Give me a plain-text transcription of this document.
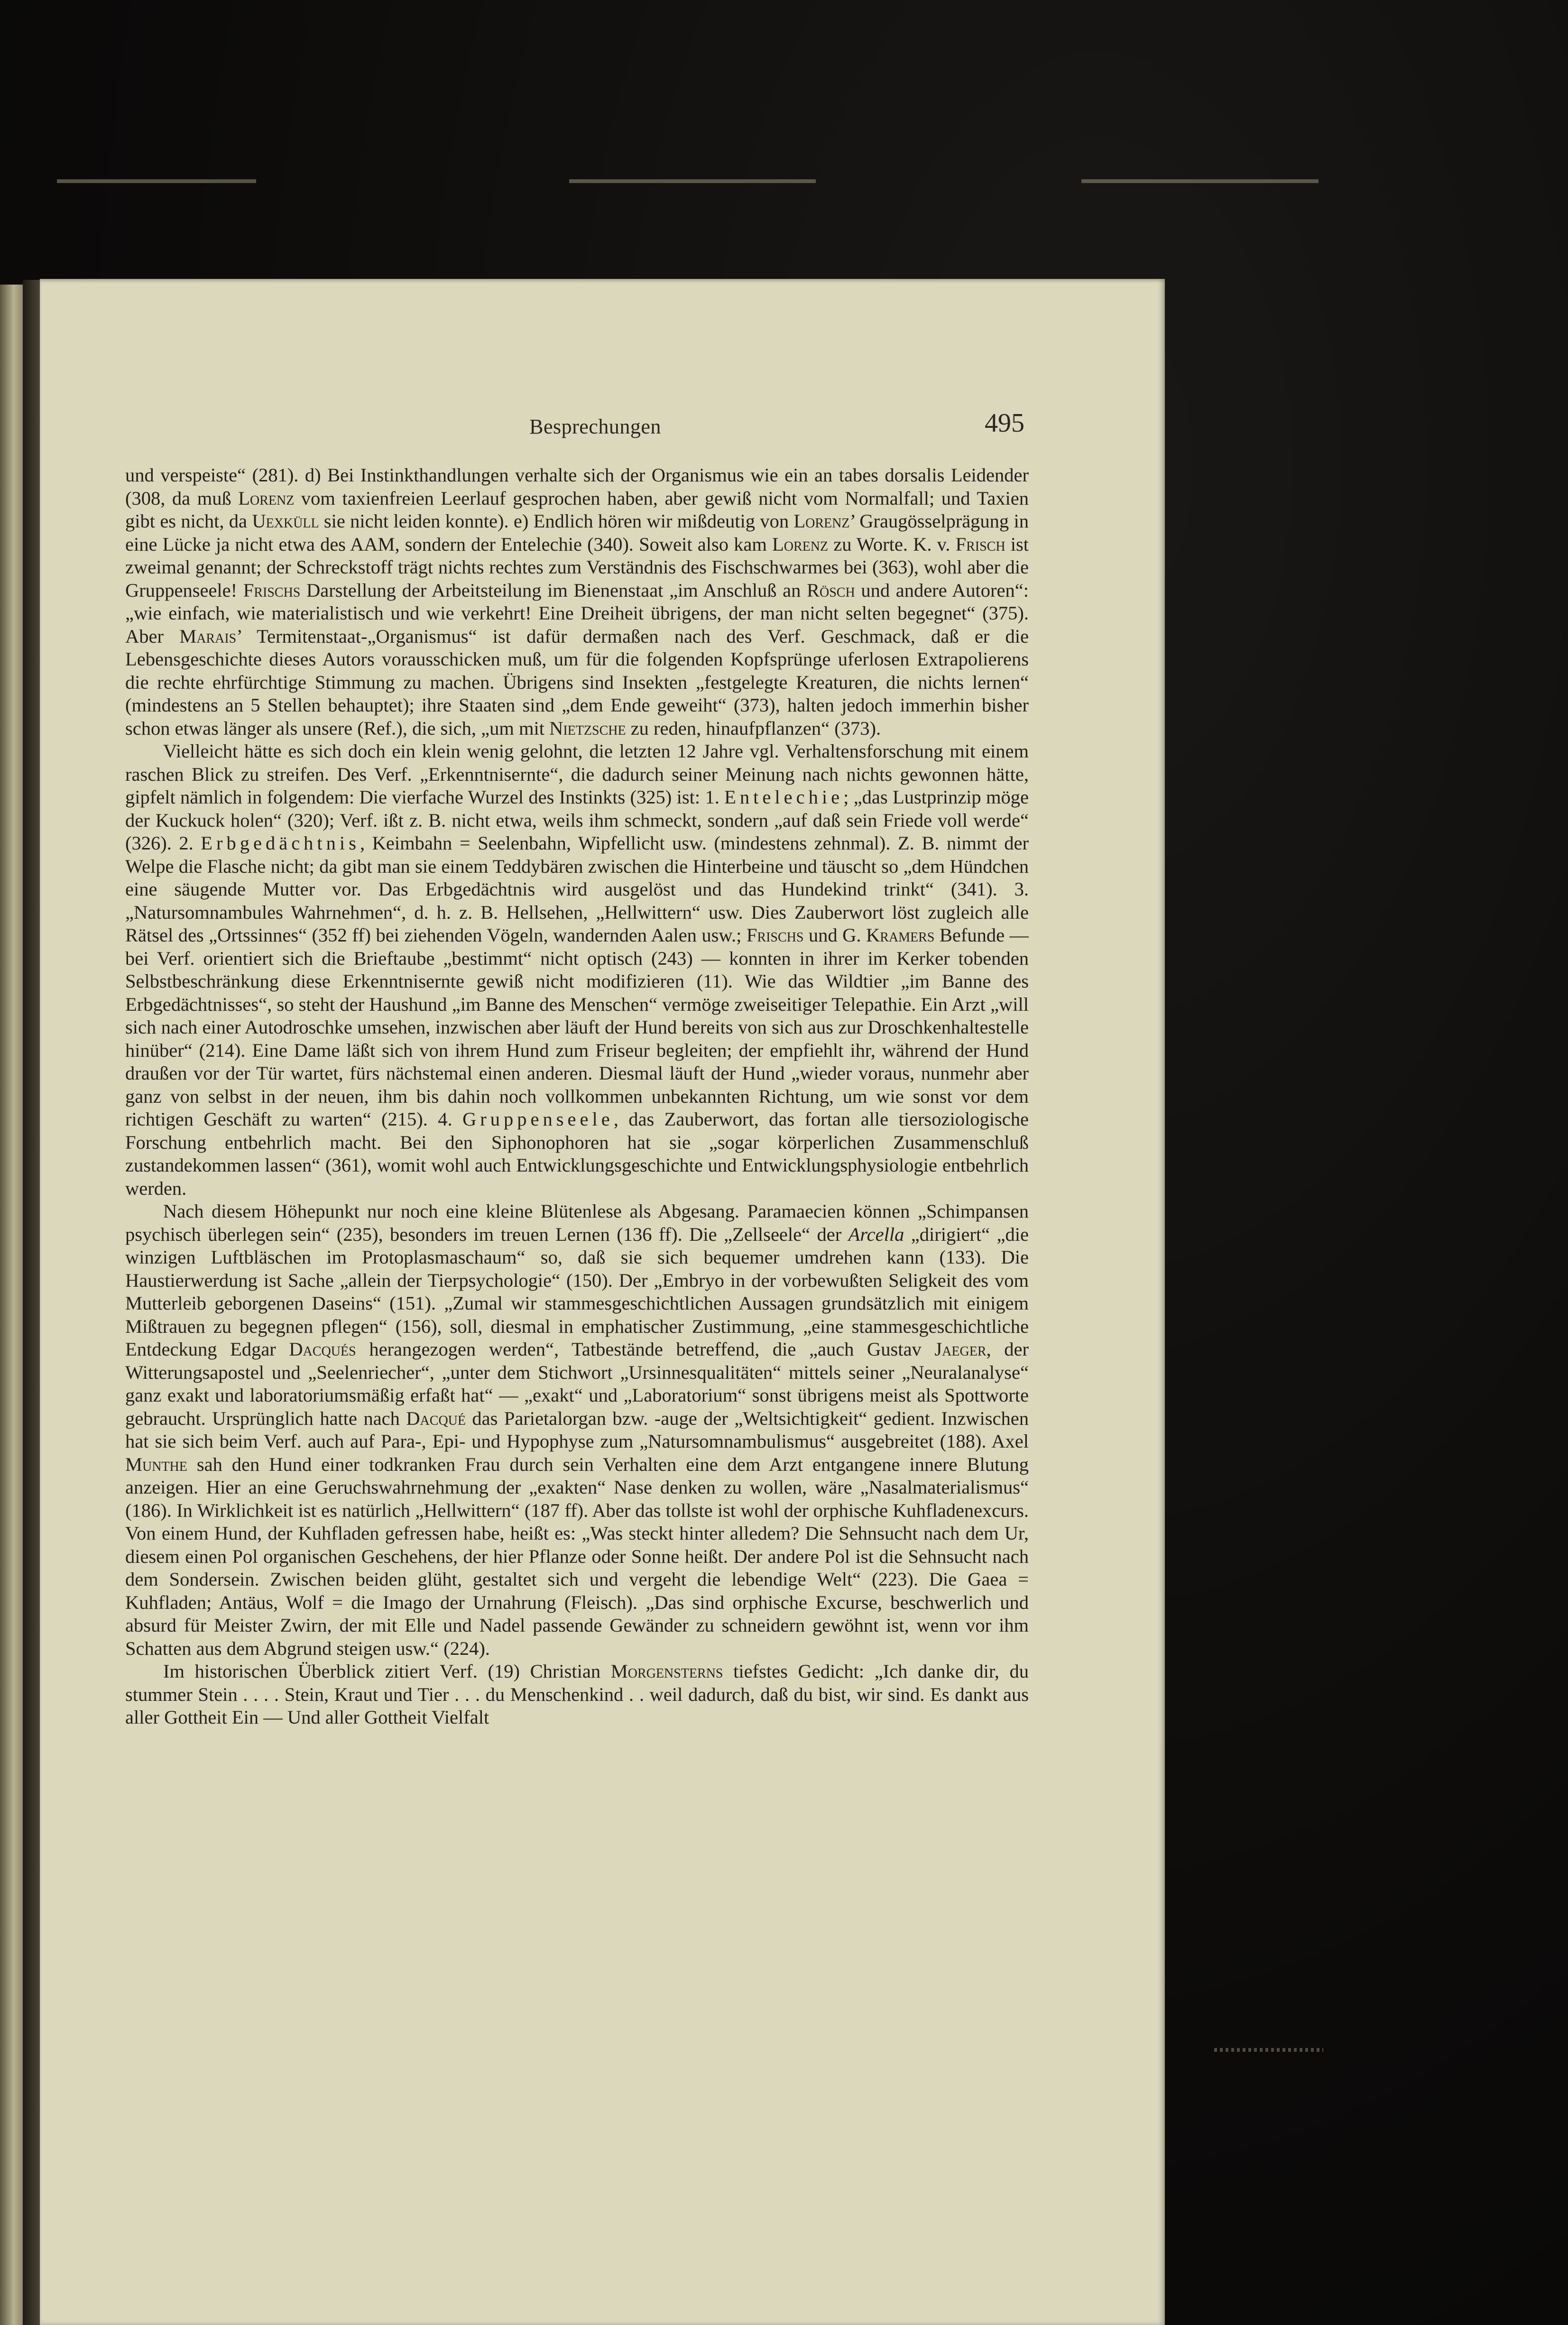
Besprechungen	495

und verspeiste“ (281). d) Bei Instinkthandlungen verhalte sich der Organismus wie ein an tabes dorsalis Leidender (308, da muß Lorenz vom taxienfreien Leerlauf gesprochen haben, aber gewiß nicht vom Normalfall; und Taxien gibt es nicht, da Uexküll sie nicht leiden konnte). e) Endlich hören wir mißdeutig von Lorenz’ Graugösselprägung in eine Lücke ja nicht etwa des AAM, sondern der Entelechie (340). Soweit also kam Lorenz zu Worte. K. v. Frisch ist zweimal genannt; der Schreckstoff trägt nichts rechtes zum Verständnis des Fischschwarmes bei (363), wohl aber die Gruppenseele! Frischs Darstellung der Arbeitsteilung im Bienenstaat „im Anschluß an Rösch und andere Autoren“: „wie einfach, wie materialistisch und wie verkehrt! Eine Dreiheit übrigens, der man nicht selten begegnet“ (375). Aber Marais’ Termitenstaat-„Organismus“ ist dafür dermaßen nach des Verf. Geschmack, daß er die Lebensgeschichte dieses Autors vorausschicken muß, um für die folgenden Kopfsprünge uferlosen Extrapolierens die rechte ehrfürchtige Stimmung zu machen. Übrigens sind Insekten „festgelegte Kreaturen, die nichts lernen“ (mindestens an 5 Stellen behauptet); ihre Staaten sind „dem Ende geweiht“ (373), halten jedoch immerhin bisher schon etwas länger als unsere (Ref.), die sich, „um mit Nietzsche zu reden, hinaufpflanzen“ (373).

Vielleicht hätte es sich doch ein klein wenig gelohnt, die letzten 12 Jahre vgl. Verhaltensforschung mit einem raschen Blick zu streifen. Des Verf. „Erkenntnisernte“, die dadurch seiner Meinung nach nichts gewonnen hätte, gipfelt nämlich in folgendem: Die vierfache Wurzel des Instinkts (325) ist: 1. Entelechie; „das Lustprinzip möge der Kuckuck holen“ (320); Verf. ißt z. B. nicht etwa, weils ihm schmeckt, sondern „auf daß sein Friede voll werde“ (326). 2. Erbgedächtnis, Keimbahn = Seelenbahn, Wipfellicht usw. (mindestens zehnmal). Z. B. nimmt der Welpe die Flasche nicht; da gibt man sie einem Teddybären zwischen die Hinterbeine und täuscht so „dem Hündchen eine säugende Mutter vor. Das Erbgedächtnis wird ausgelöst und das Hundekind trinkt“ (341). 3. „Natursomnambules Wahrnehmen“, d. h. z. B. Hellsehen, „Hellwittern“ usw. Dies Zauberwort löst zugleich alle Rätsel des „Ortssinnes“ (352 ff) bei ziehenden Vögeln, wandernden Aalen usw.; Frischs und G. Kramers Befunde — bei Verf. orientiert sich die Brieftaube „bestimmt“ nicht optisch (243) — konnten in ihrer im Kerker tobenden Selbstbeschränkung diese Erkenntnisernte gewiß nicht modifizieren (11). Wie das Wildtier „im Banne des Erbgedächtnisses“, so steht der Haushund „im Banne des Menschen“ vermöge zweiseitiger Telepathie. Ein Arzt „will sich nach einer Autodroschke umsehen, inzwischen aber läuft der Hund bereits von sich aus zur Droschkenhaltestelle hinüber“ (214). Eine Dame läßt sich von ihrem Hund zum Friseur begleiten; der empfiehlt ihr, während der Hund draußen vor der Tür wartet, fürs nächstemal einen anderen. Diesmal läuft der Hund „wieder voraus, nunmehr aber ganz von selbst in der neuen, ihm bis dahin noch vollkommen unbekannten Richtung, um wie sonst vor dem richtigen Geschäft zu warten“ (215). 4. Gruppenseele, das Zauberwort, das fortan alle tiersoziologische Forschung entbehrlich macht. Bei den Siphonophoren hat sie „sogar körperlichen Zusammenschluß zustandekommen lassen“ (361), womit wohl auch Entwicklungsgeschichte und Entwicklungsphysiologie entbehrlich werden.

Nach diesem Höhepunkt nur noch eine kleine Blütenlese als Abgesang. Paramaecien können „Schimpansen psychisch überlegen sein“ (235), besonders im treuen Lernen (136 ff). Die „Zellseele“ der Arcella „dirigiert“ „die winzigen Luftbläschen im Protoplasmaschaum“ so, daß sie sich bequemer umdrehen kann (133). Die Haustierwerdung ist Sache „allein der Tierpsychologie“ (150). Der „Embryo in der vorbewußten Seligkeit des vom Mutterleib geborgenen Daseins“ (151). „Zumal wir stammesgeschichtlichen Aussagen grundsätzlich mit einigem Mißtrauen zu begegnen pflegen“ (156), soll, diesmal in emphatischer Zustimmung, „eine stammesgeschichtliche Entdeckung Edgar Dacqués herangezogen werden“, Tatbestände betreffend, die „auch Gustav Jaeger, der Witterungsapostel und „Seelenriecher“, „unter dem Stichwort „Ursinnesqualitäten“ mittels seiner „Neuralanalyse“ ganz exakt und laboratoriumsmäßig erfaßt hat“ — „exakt“ und „Laboratorium“ sonst übrigens meist als Spottworte gebraucht. Ursprünglich hatte nach Dacqué das Parietalorgan bzw. -auge der „Weltsichtigkeit“ gedient. Inzwischen hat sie sich beim Verf. auch auf Para-, Epi- und Hypophyse zum „Natursomnambulismus“ ausgebreitet (188). Axel Munthe sah den Hund einer todkranken Frau durch sein Verhalten eine dem Arzt entgangene innere Blutung anzeigen. Hier an eine Geruchswahrnehmung der „exakten“ Nase denken zu wollen, wäre „Nasalmaterialismus“ (186). In Wirklichkeit ist es natürlich „Hellwittern“ (187 ff). Aber das tollste ist wohl der orphische Kuhfladenexcurs. Von einem Hund, der Kuhfladen gefressen habe, heißt es: „Was steckt hinter alledem? Die Sehnsucht nach dem Ur, diesem einen Pol organischen Geschehens, der hier Pflanze oder Sonne heißt. Der andere Pol ist die Sehnsucht nach dem Sondersein. Zwischen beiden glüht, gestaltet sich und vergeht die lebendige Welt“ (223). Die Gaea = Kuhfladen; Antäus, Wolf = die Imago der Urnahrung (Fleisch). „Das sind orphische Excurse, beschwerlich und absurd für Meister Zwirn, der mit Elle und Nadel passende Gewänder zu schneidern gewöhnt ist, wenn vor ihm Schatten aus dem Abgrund steigen usw.“ (224).

Im historischen Überblick zitiert Verf. (19) Christian Morgensterns tiefstes Gedicht: „Ich danke dir, du stummer Stein . . . . Stein, Kraut und Tier . . . du Menschenkind . . weil dadurch, daß du bist, wir sind. Es dankt aus aller Gottheit Ein — Und aller Gottheit Vielfalt
